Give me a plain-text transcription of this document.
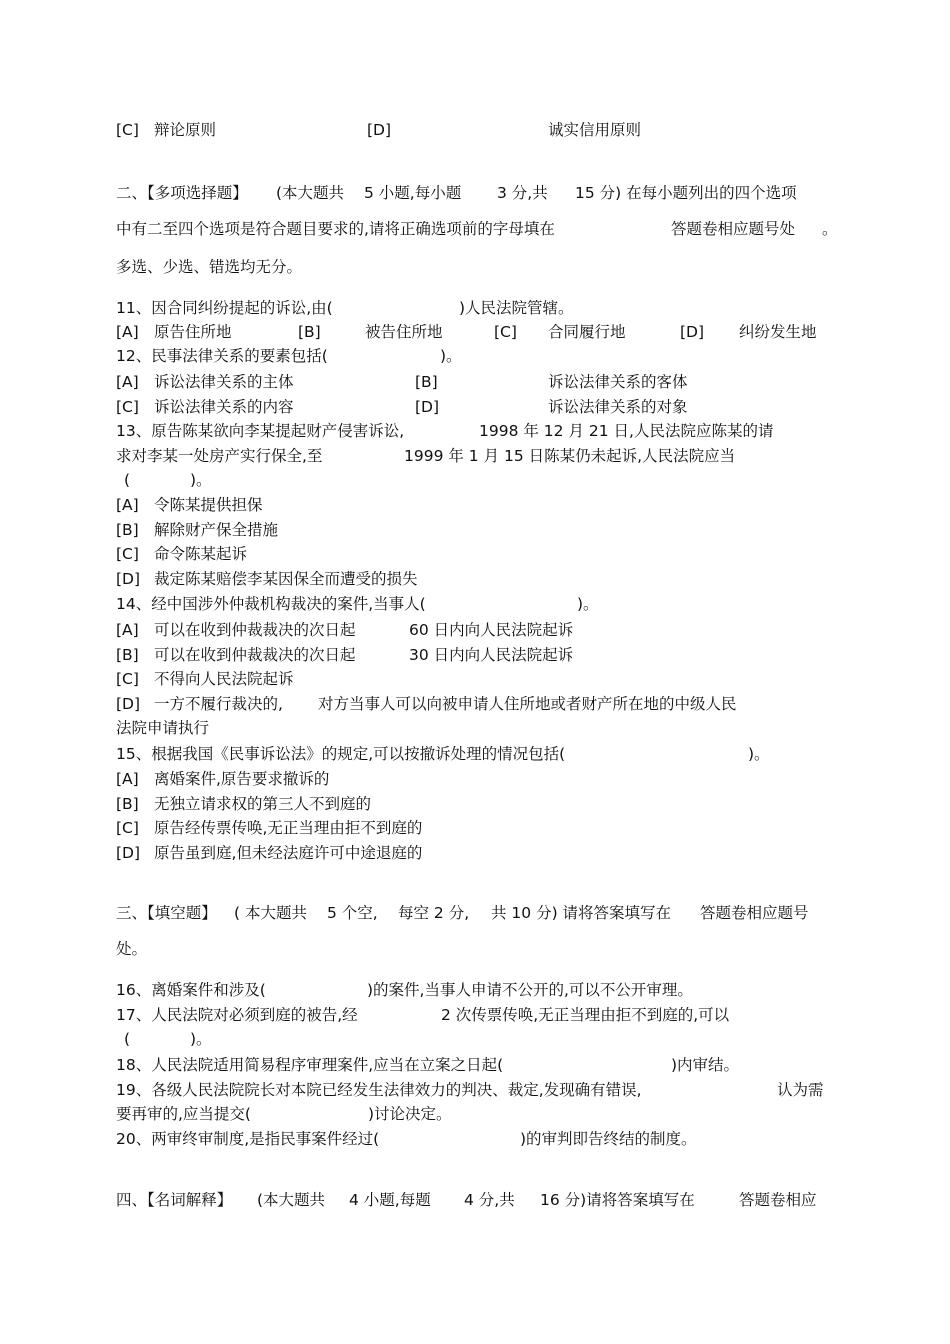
[C] 辩论原则	[D]	诚实信用原则
二、【多项选择题】 (本大题共 5 小题,每小题 3 分,共 15 分) 在每小题列出的四个选项
中有二至四个选项是符合题目要求的,请将正确选项前的字母填在	答题卷相应题号处 。
多选、少选、错选均无分。
11、因合同纠纷提起的诉讼,由(	)人民法院管辖。
[A] 原告住所地	[B]	被告住所地	[C] 合同履行地	[D] 纠纷发生地
12、民事法律关系的要素包括(	)。
[A] 诉讼法律关系的主体	[B]	诉讼法律关系的客体
[C] 诉讼法律关系的内容	[D]	诉讼法律关系的对象
13、原告陈某欲向李某提起财产侵害诉讼,	1998 年 12 月 21 日,人民法院应陈某的请
求对李某一处房产实行保全,至	1999 年 1 月 15 日陈某仍未起诉,人民法院应当
(	)。
[A] 令陈某提供担保
[B] 解除财产保全措施
[C] 命令陈某起诉
[D] 裁定陈某赔偿李某因保全而遭受的损失
14、经中国涉外仲裁机构裁决的案件,当事人(	)。
[A] 可以在收到仲裁裁决的次日起	60 日内向人民法院起诉
[B] 可以在收到仲裁裁决的次日起	30 日内向人民法院起诉
[C] 不得向人民法院起诉
[D] 一方不履行裁决的, 对方当事人可以向被申请人住所地或者财产所在地的中级人民
法院申请执行
15、根据我国《民事诉讼法》的规定,可以按撤诉处理的情况包括(	)。
[A] 离婚案件,原告要求撤诉的
[B] 无独立请求权的第三人不到庭的
[C] 原告经传票传唤,无正当理由拒不到庭的
[D] 原告虽到庭,但未经法庭许可中途退庭的
三、【填空题】 ( 本大题共 5 个空, 每空 2 分, 共 10 分) 请将答案填写在 答题卷相应题号
处。
16、离婚案件和涉及(	)的案件,当事人申请不公开的,可以不公开审理。
17、人民法院对必须到庭的被告,经	2 次传票传唤,无正当理由拒不到庭的,可以
(	)。
18、人民法院适用简易程序审理案件,应当在立案之日起(	)内审结。
19、各级人民法院院长对本院已经发生法律效力的判决、裁定,发现确有错误,	认为需
要再审的,应当提交(	)讨论决定。
20、两审终审制度,是指民事案件经过(	)的审判即告终结的制度。
四、【名词解释】 (本大题共 4 小题,每题 4 分,共 16 分)请将答案填写在	答题卷相应
